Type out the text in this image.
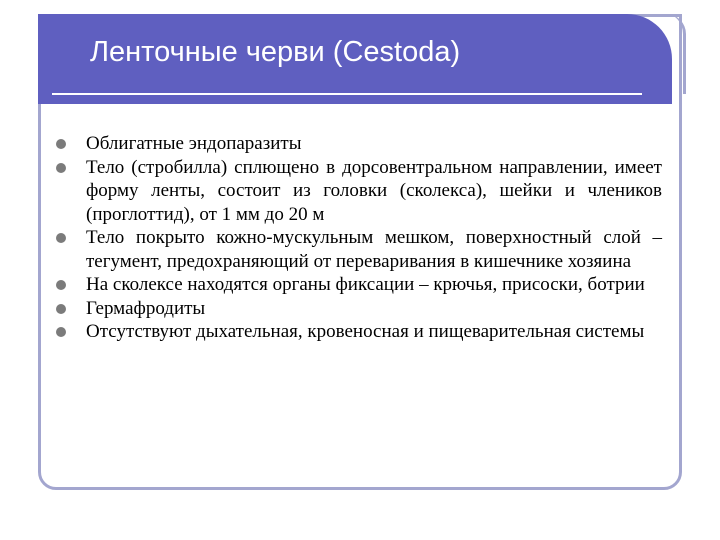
Ленточные черви (Cestoda)
Облигатные эндопаразиты
Тело (стробилла) сплющено в дорсовентральном направлении, имеет форму ленты, состоит из головки (сколекса), шейки и члеников (проглоттид), от 1 мм до 20 м
Тело покрыто кожно-мускульным мешком, поверхностный слой – тегумент, предохраняющий от переваривания в кишечнике хозяина
На сколексе находятся органы фиксации – крючья, присоски, ботрии
Гермафродиты
Отсутствуют дыхательная, кровеносная и пищеварительная системы
